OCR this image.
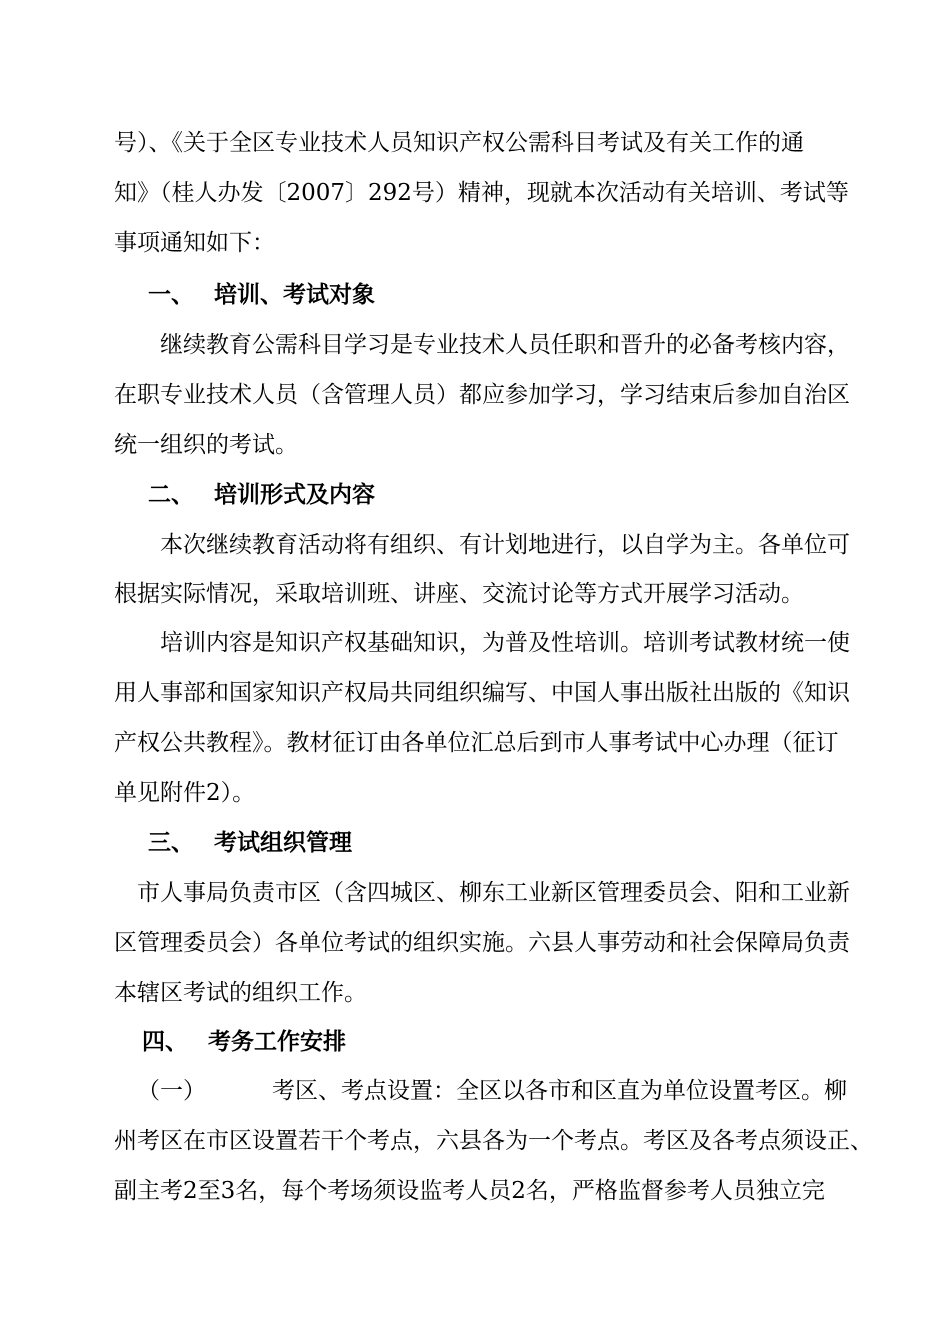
号）、《关于全区专业技术人员知识产权公需科目考试及有关工作的通
知》（桂人办发〔2007〕292号）精神，现就本次活动有关培训、考试等
事项通知如下：
一、 培训、考试对象
继续教育公需科目学习是专业技术人员任职和晋升的必备考核内容，
在职专业技术人员（含管理人员）都应参加学习，学习结束后参加自治区
统一组织的考试。
二、 培训形式及内容
本次继续教育活动将有组织、有计划地进行，以自学为主。各单位可
根据实际情况，采取培训班、讲座、交流讨论等方式开展学习活动。
培训内容是知识产权基础知识，为普及性培训。培训考试教材统一使
用人事部和国家知识产权局共同组织编写、中国人事出版社出版的《知识
产权公共教程》。教材征订由各单位汇总后到市人事考试中心办理（征订
单见附件2）。
三、 考试组织管理
市人事局负责市区（含四城区、柳东工业新区管理委员会、阳和工业新
区管理委员会）各单位考试的组织实施。六县人事劳动和社会保障局负责
本辖区考试的组织工作。
四、 考务工作安排
（一）	考区、考点设置：全区以各市和区直为单位设置考区。柳
州考区在市区设置若干个考点，六县各为一个考点。考区及各考点须设正、
副主考2至3名，每个考场须设监考人员2名，严格监督参考人员独立完
